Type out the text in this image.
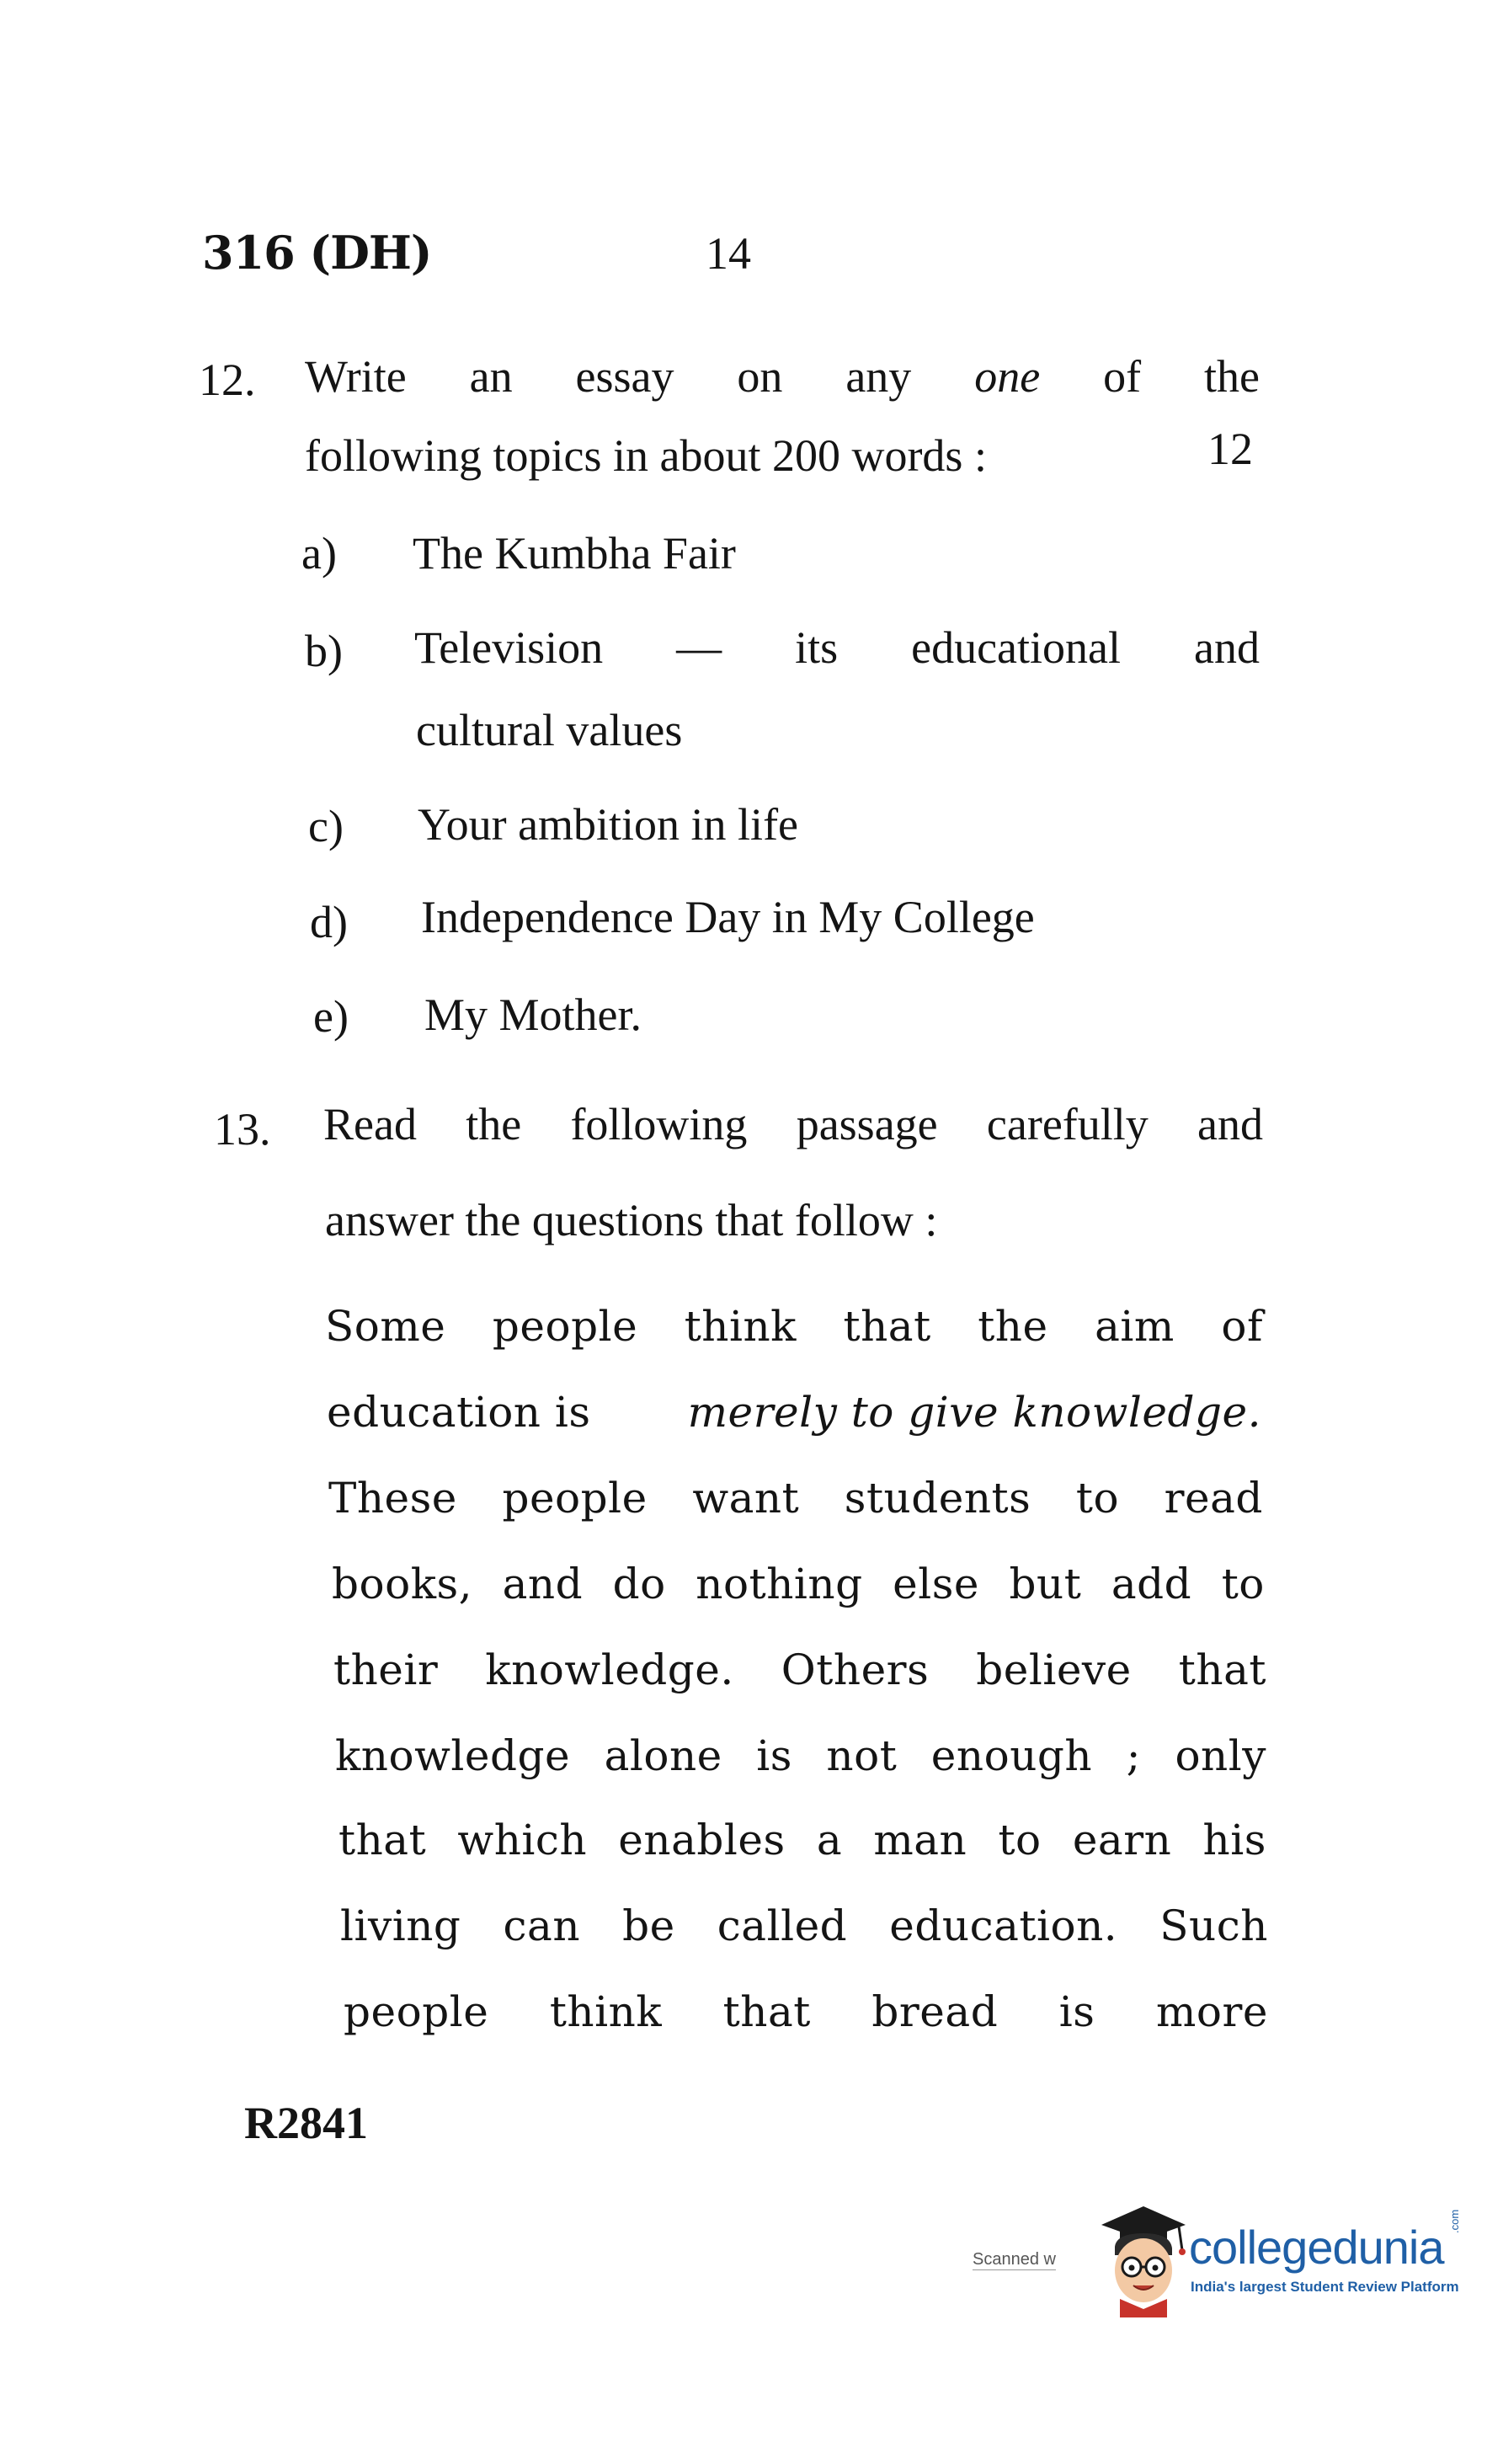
316 (DH)	14
12. Write an essay on any one of the
following topics in about 200 words :	12
a) The Kumbha Fair
b) Television — its educational and
cultural values
c) Your ambition in life
d) Independence Day in My College
e) My Mother.
13. Read the following passage carefully and
answer the questions that follow :
Some people think that the aim of
education is merely to give knowledge.
These people want students to read
books, and do nothing else but add to
their knowledge. Others believe that
knowledge alone is not enough ; only
that which enables a man to earn his
living can be called education. Such
people think that bread is more
R2841
Scanned w	collegedunia .com
India's largest Student Review Platform
